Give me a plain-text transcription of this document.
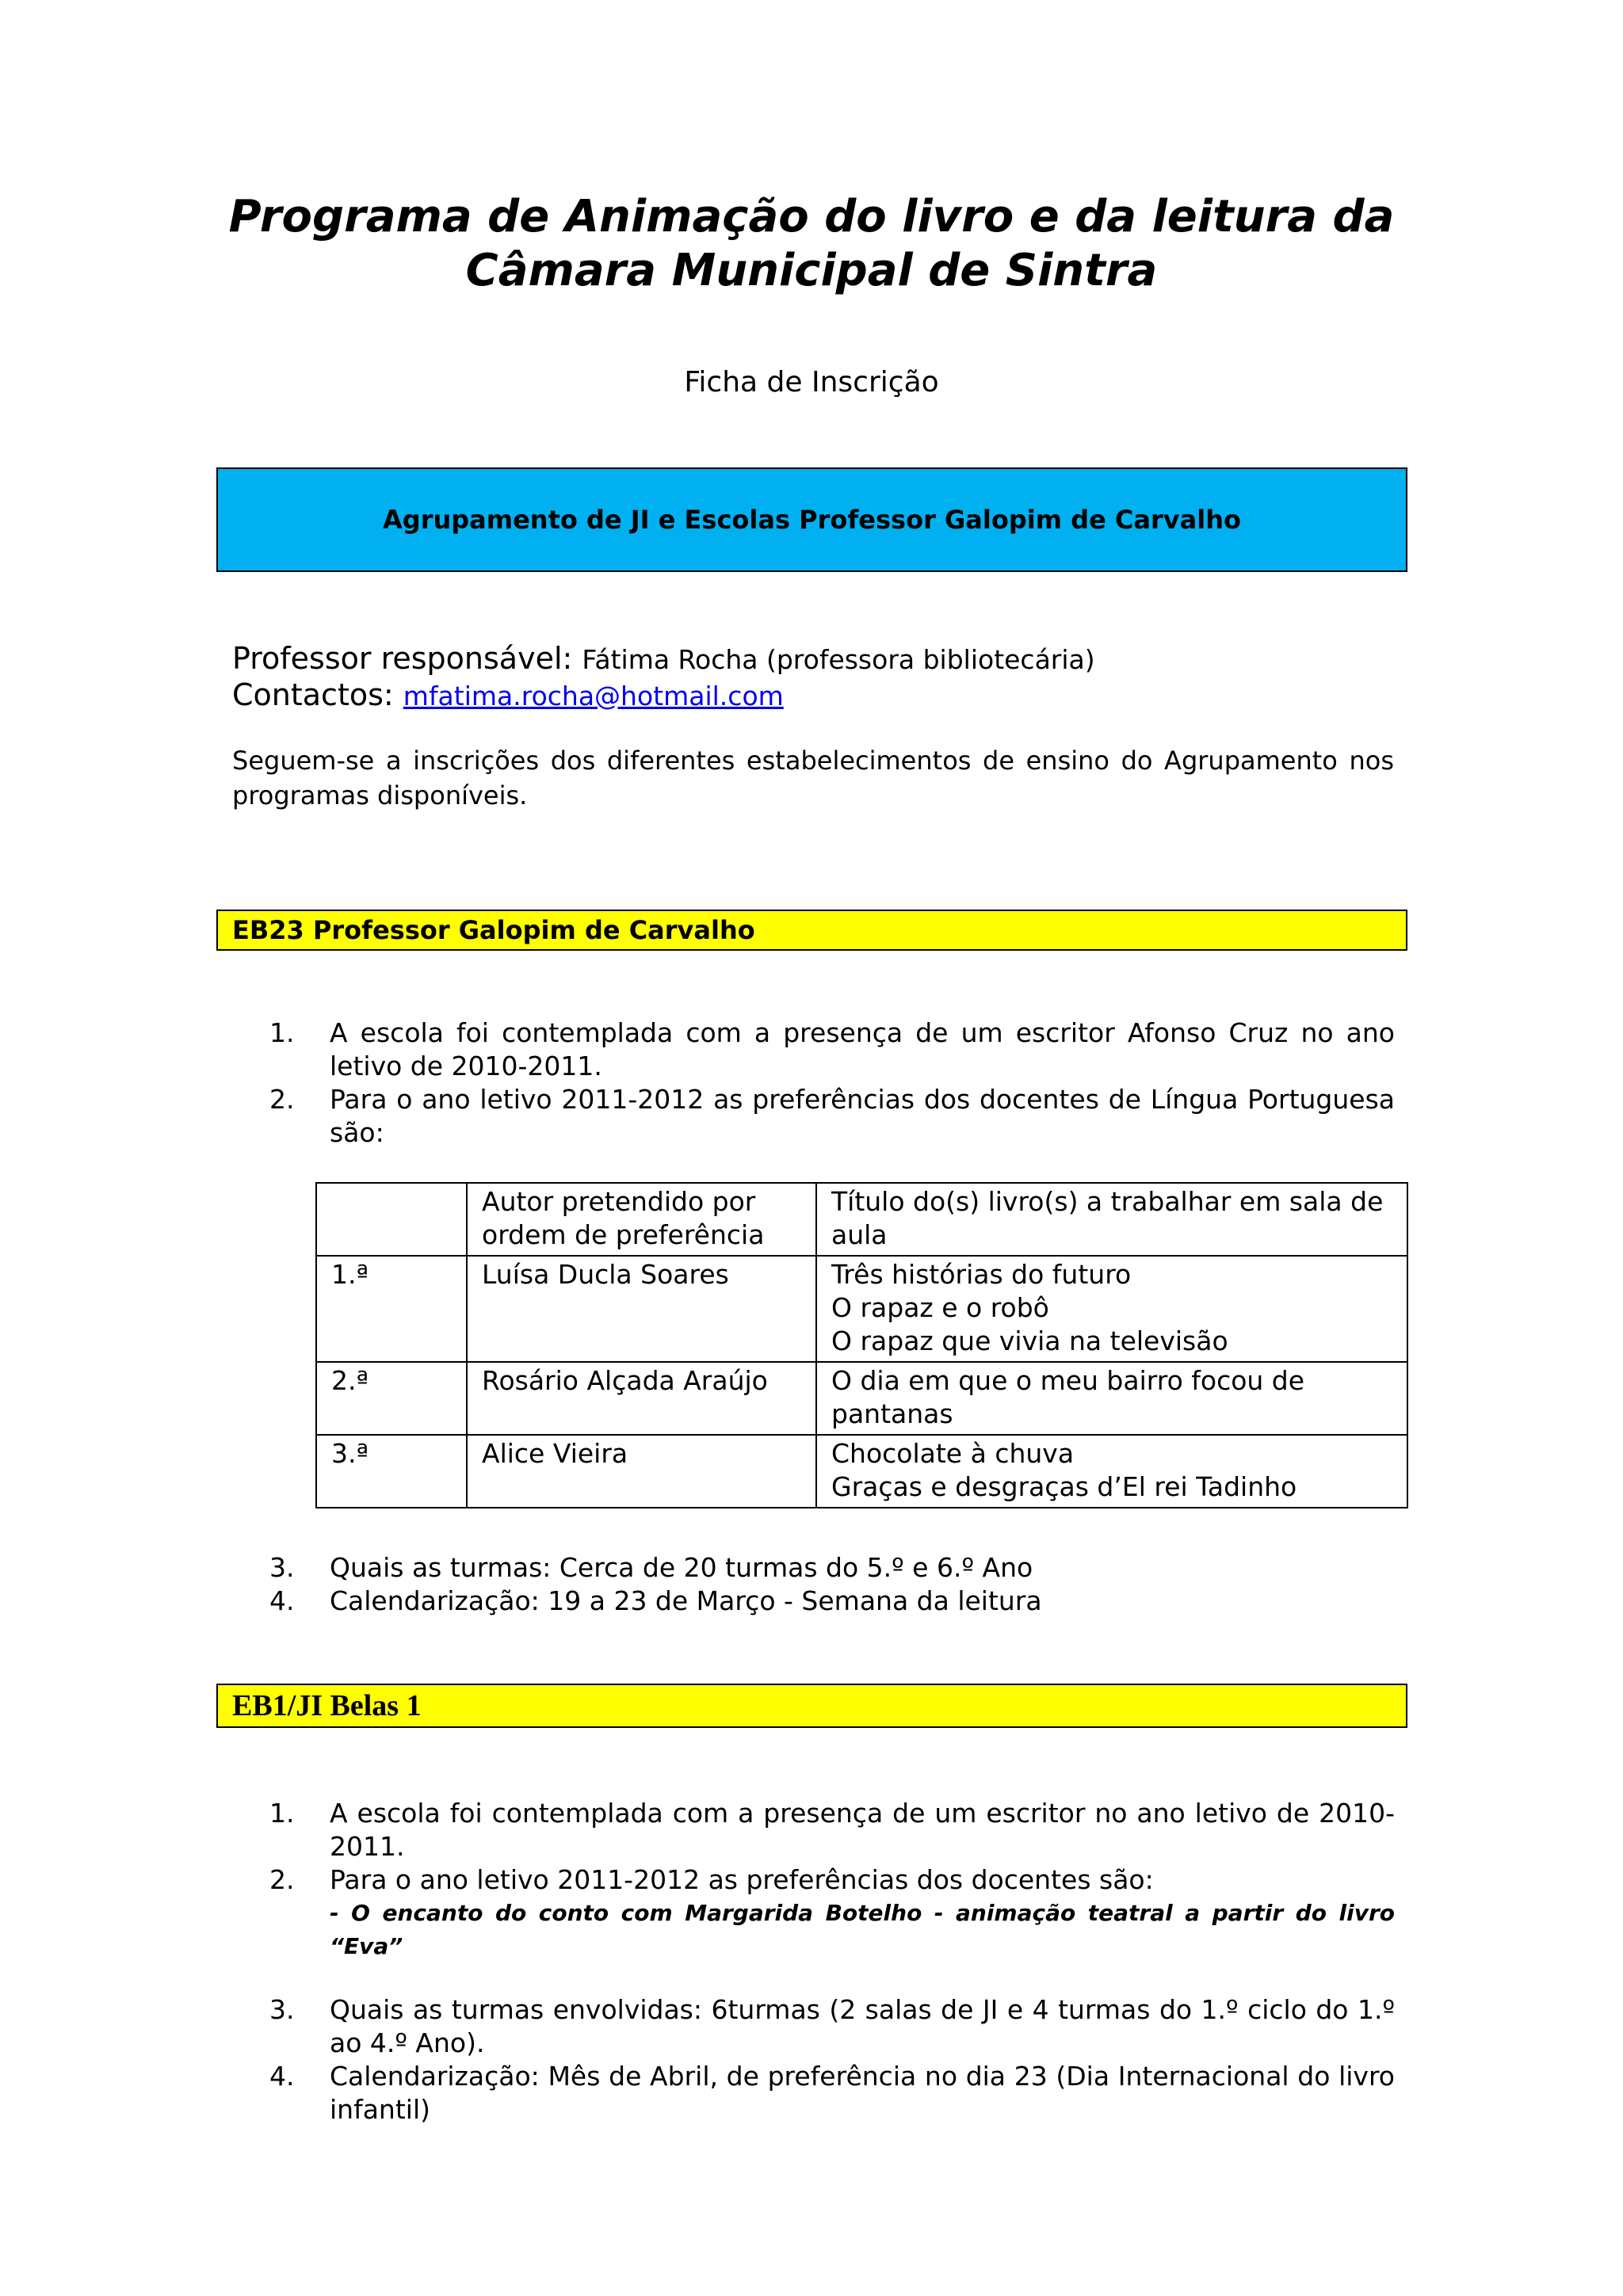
Programa de Animação do livro e da leitura da
Câmara Municipal de Sintra

Ficha de Inscrição

Agrupamento de JI e Escolas Professor Galopim de Carvalho
Professor responsável: Fátima Rocha (professora bibliotecária)
Contactos: mfatima.rocha@hotmail.com

Seguem-se a inscrições dos diferentes estabelecimentos de ensino do Agrupamento nos programas disponíveis.

EB23 Professor Galopim de Carvalho
1. A escola foi contemplada com a presença de um escritor Afonso Cruz no ano letivo de 2010-2011.
2. Para o ano letivo 2011-2012 as preferências dos docentes de Língua Portuguesa são:
	Autor pretendido por ordem de preferência	Título do(s) livro(s) a trabalhar em sala de aula
1.ª	Luísa Ducla Soares	Três histórias do futuro
O rapaz e o robô
O rapaz que vivia na televisão

2.ª	Rosário Alçada Araújo	O dia em que o meu bairro focou de pantanas

3.ª	Alice Vieira	Chocolate à chuva
Graças e desgraças d’El rei Tadinho
3. Quais as turmas: Cerca de 20 turmas do 5.º e 6.º Ano
4. Calendarização: 19 a 23 de Março - Semana da leitura
EB1/JI Belas 1
1. A escola foi contemplada com a presença de um escritor no ano letivo de 2010-2011.
2. Para o ano letivo 2011-2012 as preferências dos docentes são:
- O encanto do conto com Margarida Botelho - animação teatral a partir do livro “Eva”
3. Quais as turmas envolvidas: 6turmas (2 salas de JI e 4 turmas do 1.º ciclo do 1.º ao 4.º Ano).
4. Calendarização: Mês de Abril, de preferência no dia 23 (Dia Internacional do livro infantil)
